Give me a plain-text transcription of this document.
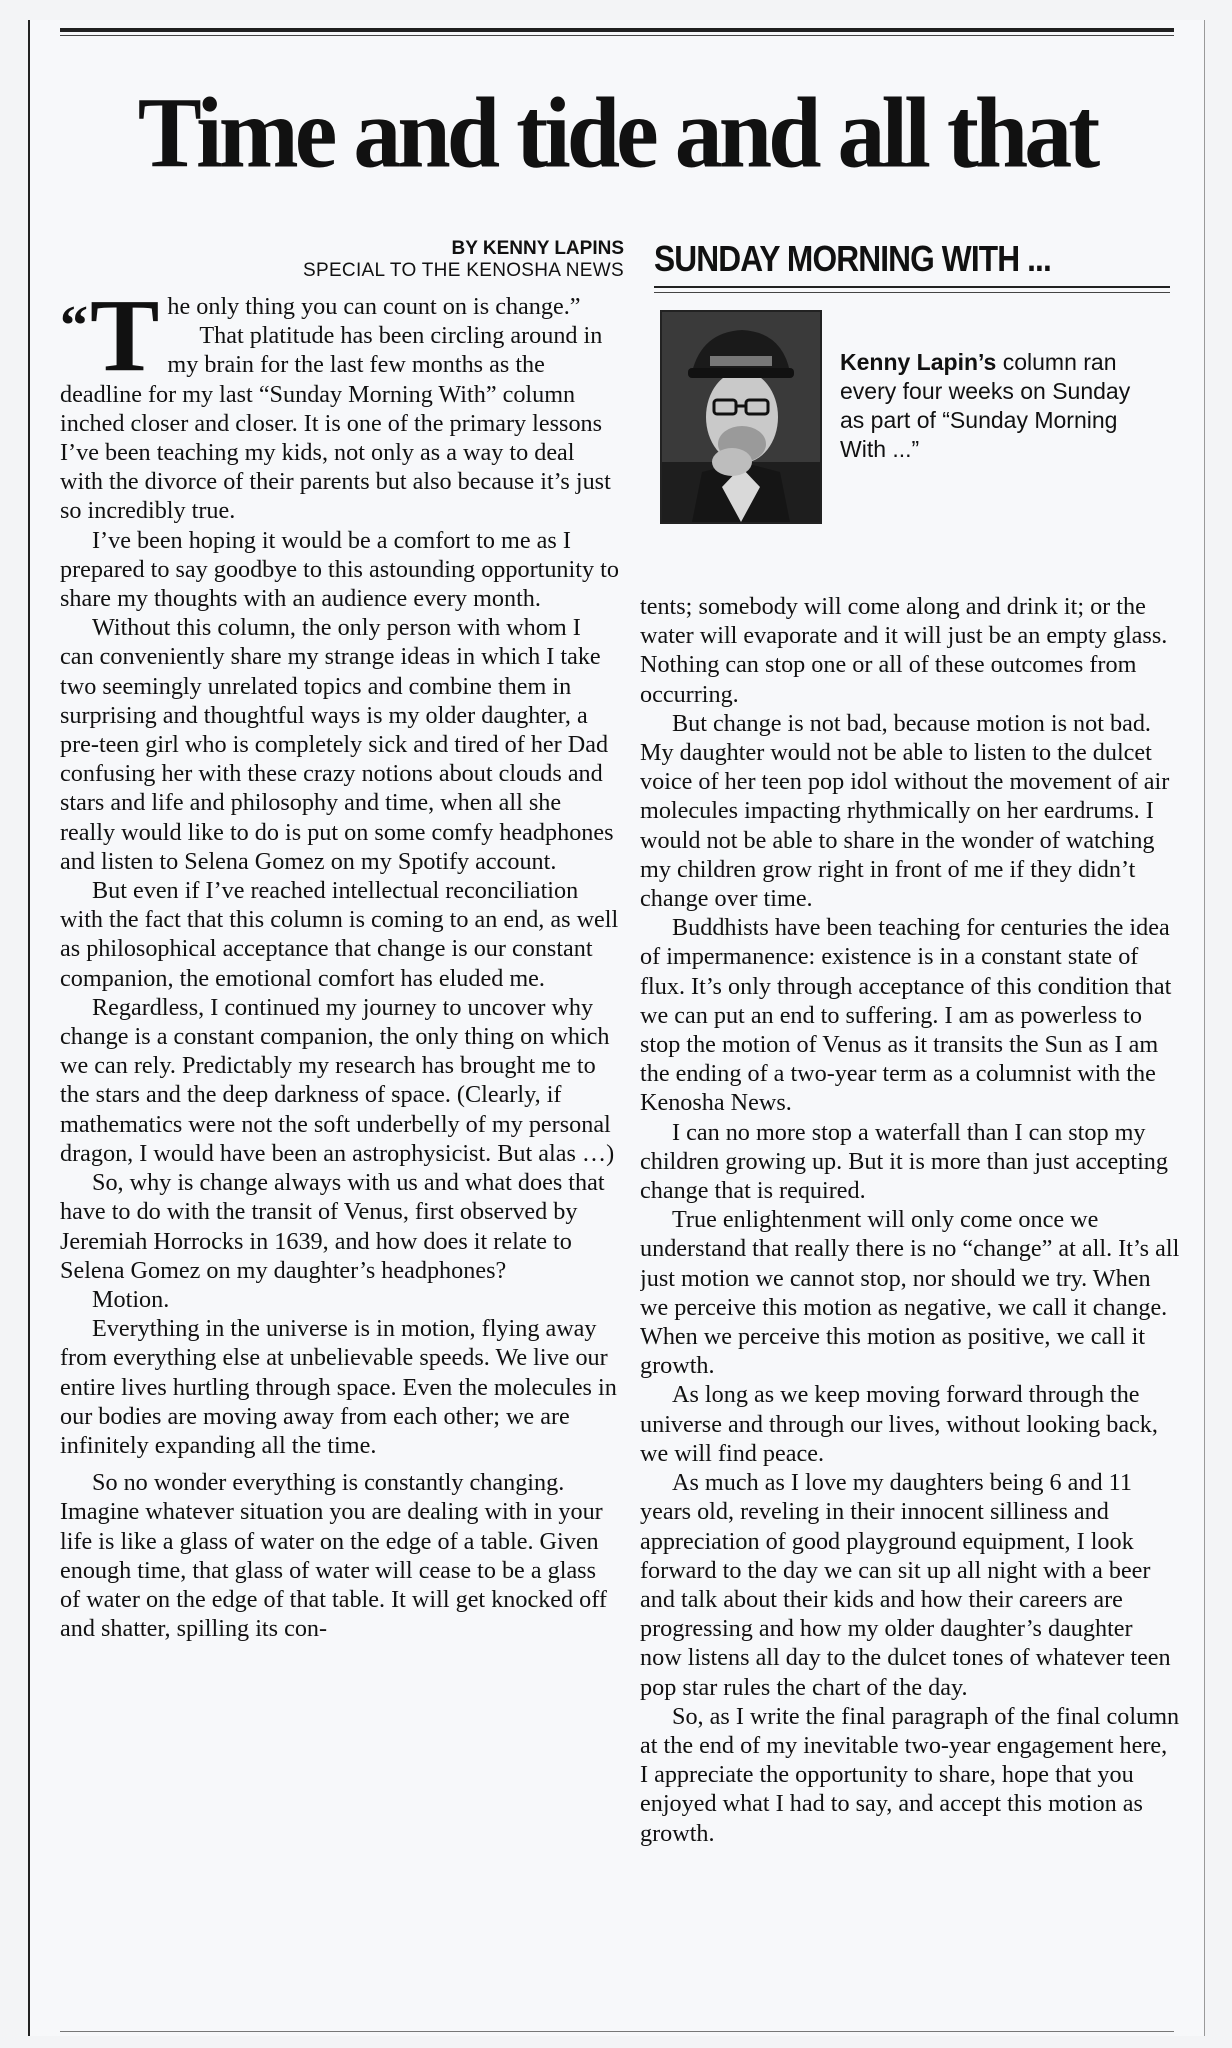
Time and tide and all that
BY KENNY LAPINS
SPECIAL TO THE KENOSHA NEWS SUNDAY MORNING WITH ...
Kenny Lapin’s column ran every four weeks on Sunday as part of “Sunday Morning With ...”

“T he only thing you can count on is change.”

That platitude has been circling around in my brain for the last few months as the deadline for my last “Sunday Morning With” column inched closer and closer. It is one of the primary lessons I’ve been teaching my kids, not only as a way to deal with the divorce of their parents but also because it’s just so incredibly true.

I’ve been hoping it would be a comfort to me as I prepared to say goodbye to this astounding opportunity to share my thoughts with an audience every month.

Without this column, the only person with whom I can conveniently share my strange ideas in which I take two seemingly unrelated topics and combine them in surprising and thoughtful ways is my older daughter, a pre-teen girl who is completely sick and tired of her Dad confusing her with these crazy notions about clouds and stars and life and philosophy and time, when all she really would like to do is put on some comfy headphones and listen to Selena Gomez on my Spotify account.

But even if I’ve reached intellectual reconciliation with the fact that this column is coming to an end, as well as philosophical acceptance that change is our constant companion, the emotional comfort has eluded me.

Regardless, I continued my journey to uncover why change is a constant companion, the only thing on which we can rely. Predictably my research has brought me to the stars and the deep darkness of space. (Clearly, if mathematics were not the soft underbelly of my personal dragon, I would have been an astrophysicist. But alas …)

So, why is change always with us and what does that have to do with the transit of Venus, first observed by Jeremiah Horrocks in 1639, and how does it relate to Selena Gomez on my daughter’s headphones?

Motion.

Everything in the universe is in motion, flying away from everything else at unbelievable speeds. We live our entire lives hurtling through space. Even the molecules in our bodies are moving away from each other; we are infinitely expanding all the time.

So no wonder everything is constantly changing. Imagine whatever situation you are dealing with in your life is like a glass of water on the edge of a table. Given enough time, that glass of water will cease to be a glass of water on the edge of that table. It will get knocked off and shatter, spilling its con-

tents; somebody will come along and drink it; or the water will evaporate and it will just be an empty glass. Nothing can stop one or all of these outcomes from occurring.

But change is not bad, because motion is not bad. My daughter would not be able to listen to the dulcet voice of her teen pop idol without the movement of air molecules impacting rhythmically on her eardrums. I would not be able to share in the wonder of watching my children grow right in front of me if they didn’t change over time.

Buddhists have been teaching for centuries the idea of impermanence: existence is in a constant state of flux. It’s only through acceptance of this condition that we can put an end to suffering. I am as powerless to stop the motion of Venus as it transits the Sun as I am the ending of a two-year term as a columnist with the Kenosha News.

I can no more stop a waterfall than I can stop my children growing up. But it is more than just accepting change that is required.

True enlightenment will only come once we understand that really there is no “change” at all. It’s all just motion we cannot stop, nor should we try. When we perceive this motion as negative, we call it change. When we perceive this motion as positive, we call it growth.

As long as we keep moving forward through the universe and through our lives, without looking back, we will find peace.

As much as I love my daughters being 6 and 11 years old, reveling in their innocent silliness and appreciation of good playground equipment, I look forward to the day we can sit up all night with a beer and talk about their kids and how their careers are progressing and how my older daughter’s daughter now listens all day to the dulcet tones of whatever teen pop star rules the chart of the day.

So, as I write the final paragraph of the final column at the end of my inevitable two-year engagement here, I appreciate the opportunity to share, hope that you enjoyed what I had to say, and accept this motion as growth.
